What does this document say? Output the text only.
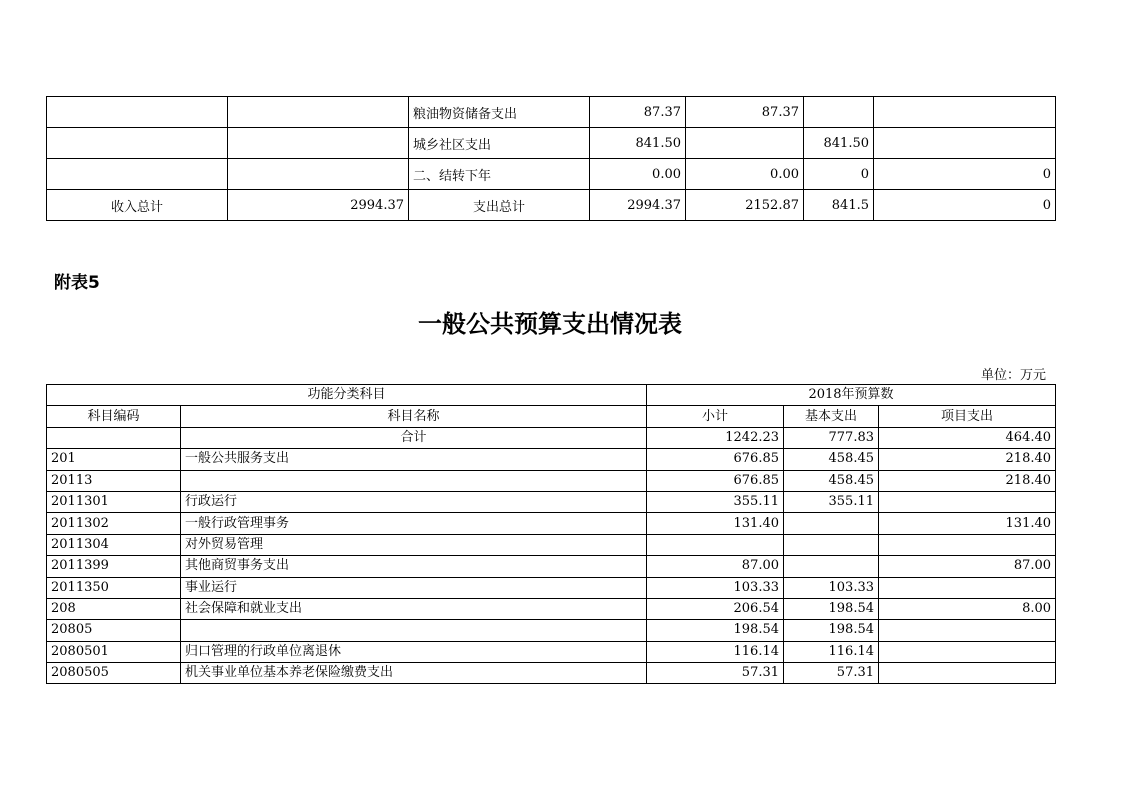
		粮油物资储备支出	87.37	87.37		
		城乡社区支出	841.50		841.50	
		二、结转下年	0.00	0.00	0	0
收入总计	2994.37	支出总计	2994.37	2152.87	841.5	0
附表5
一般公共预算支出情况表
单位：万元
功能分类科目		2018年预算数		
科目编码	科目名称	小计	基本支出	项目支出
	合计	1242.23	777.83	464.40
201	一般公共服务支出	676.85	458.45	218.40
20113		676.85	458.45	218.40
2011301	行政运行	355.11	355.11	
2011302	一般行政管理事务	131.40		131.40
2011304	对外贸易管理			
2011399	其他商贸事务支出	87.00		87.00
2011350	事业运行	103.33	103.33	
208	社会保障和就业支出	206.54	198.54	8.00
20805		198.54	198.54	
2080501	归口管理的行政单位离退休	116.14	116.14	
2080505	机关事业单位基本养老保险缴费支出	57.31	57.31	
